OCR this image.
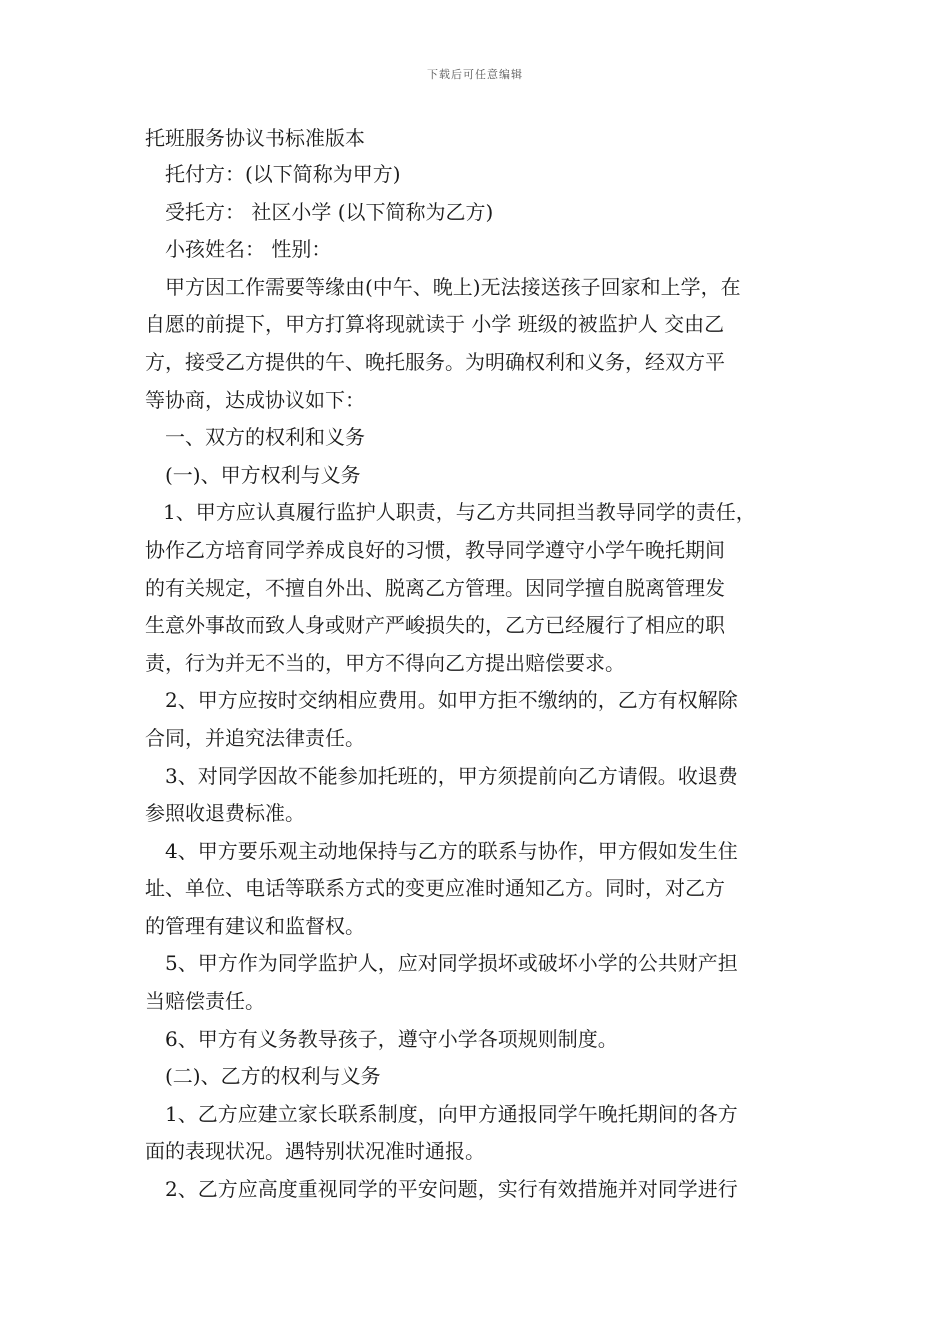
下载后可任意编辑
托班服务协议书标准版本
托付方：(以下简称为甲方)
受托方： 社区小学 (以下简称为乙方)
小孩姓名： 性别：
甲方因工作需要等缘由(中午、晚上)无法接送孩子回家和上学，在
自愿的前提下，甲方打算将现就读于 小学 班级的被监护人 交由乙
方，接受乙方提供的午、晚托服务。为明确权利和义务，经双方平
等协商，达成协议如下：
一、双方的权利和义务
(一)、甲方权利与义务
1、甲方应认真履行监护人职责，与乙方共同担当教导同学的责任，
协作乙方培育同学养成良好的习惯，教导同学遵守小学午晚托期间
的有关规定，不擅自外出、脱离乙方管理。因同学擅自脱离管理发
生意外事故而致人身或财产严峻损失的，乙方已经履行了相应的职
责，行为并无不当的，甲方不得向乙方提出赔偿要求。
2、甲方应按时交纳相应费用。如甲方拒不缴纳的，乙方有权解除
合同，并追究法律责任。
3、对同学因故不能参加托班的，甲方须提前向乙方请假。收退费
参照收退费标准。
4、甲方要乐观主动地保持与乙方的联系与协作，甲方假如发生住
址、单位、电话等联系方式的变更应准时通知乙方。同时，对乙方
的管理有建议和监督权。
5、甲方作为同学监护人，应对同学损坏或破坏小学的公共财产担
当赔偿责任。
6、甲方有义务教导孩子，遵守小学各项规则制度。
(二)、乙方的权利与义务
1、乙方应建立家长联系制度，向甲方通报同学午晚托期间的各方
面的表现状况。遇特别状况准时通报。
2、乙方应高度重视同学的平安问题，实行有效措施并对同学进行
